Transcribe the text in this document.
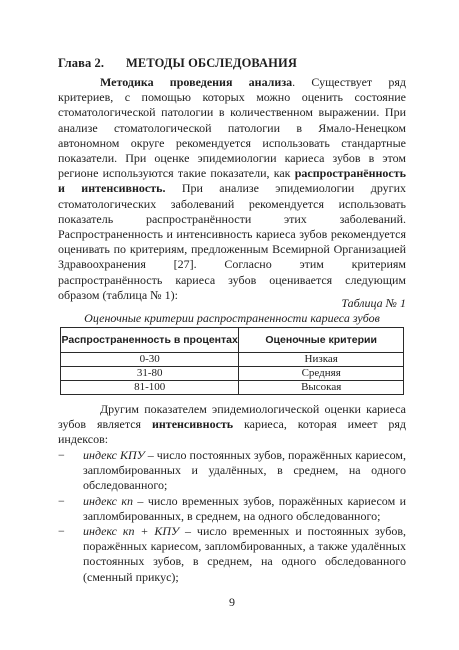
Глава 2. МЕТОДЫ ОБСЛЕДОВАНИЯ

Методика проведения анализа. Существует ряд критериев, с помощью которых можно оценить состояние стоматологической патологии в количественном выражении. При анализе стоматологической патологии в Ямало-Ненецком автономном округе рекомендуется использовать стандартные показатели. При оценке эпидемиологии кариеса зубов в этом регионе используются такие показатели, как распространённость и интенсивность. При анализе эпидемиологии других стоматологических заболеваний рекомендуется использовать показатель распространённости этих заболеваний. Распространенность и интенсивность кариеса зубов рекомендуется оценивать по критериям, предложенным Всемирной Организацией Здравоохранения [27]. Согласно этим критериям распространённость кариеса зубов оценивается следующим образом (таблица № 1):

Таблица № 1
Оценочные критерии распространенности кариеса зубов
Распространенность в процентах	Оценочные критерии
0-30	Низкая
31-80	Средняя
81-100	Высокая

Другим показателем эпидемиологической оценки кариеса зубов является интенсивность кариеса, которая имеет ряд индексов:

− индекс КПУ – число постоянных зубов, поражённых кариесом, запломбированных и удалённых, в среднем, на одного обследованного;
− индекс кп – число временных зубов, поражённых кариесом и запломбированных, в среднем, на одного обследованного;
− индекс кп + КПУ – число временных и постоянных зубов, поражённых кариесом, запломбированных, а также удалённых постоянных зубов, в среднем, на одного обследованного (сменный прикус);
9
